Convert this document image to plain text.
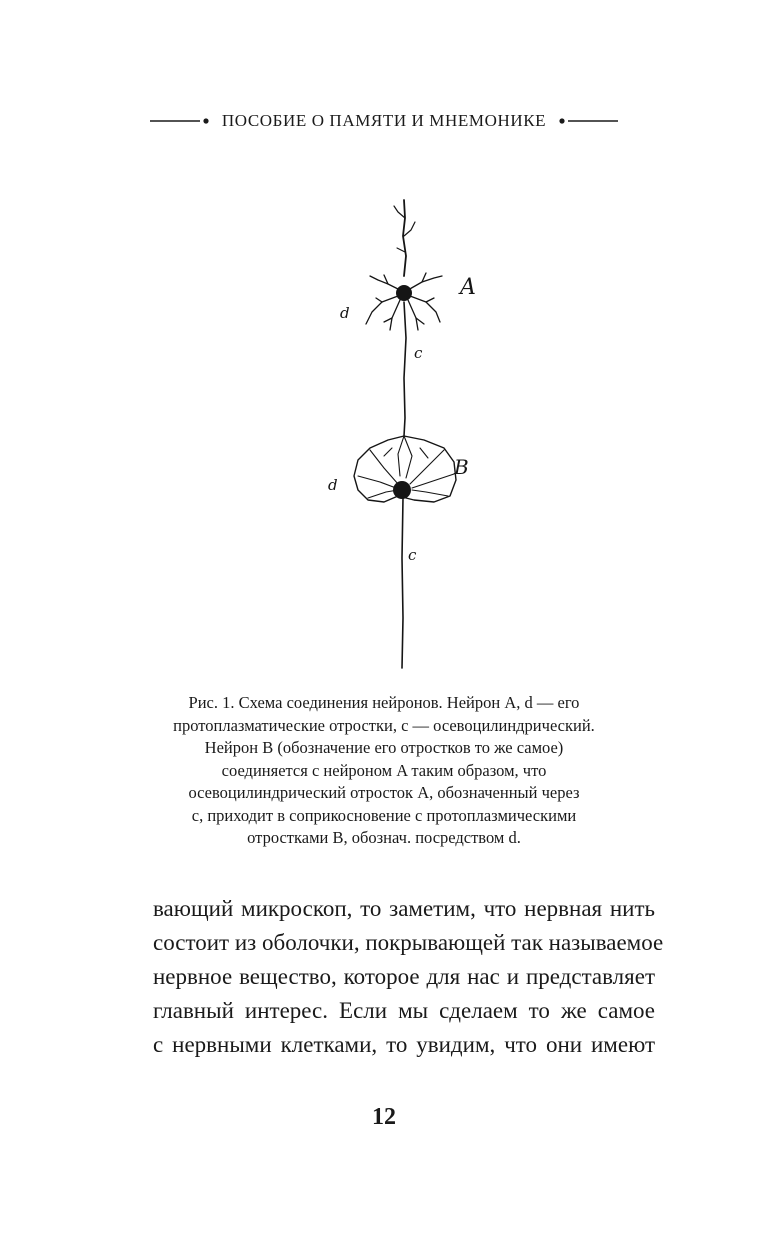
ПОСОБИЕ О ПАМЯТИ И МНЕМОНИКЕ
A
d
c
B
d
c
Рис. 1. Схема соединения нейронов. Нейрон A, d — его
протоплазматические отростки, c — осевоцилиндрический.
Нейрон B (обозначение его отростков то же самое)
соединяется с нейроном A таким образом, что
осевоцилиндрический отросток A, обозначенный через
c, приходит в соприкосновение с протоплазмическими
отростками B, обознач. посредством d.
вающий микроскоп, то заметим, что нервная нить
состоит из оболочки, покрывающей так называемое
нервное вещество, которое для нас и представляет
главный интерес. Если мы сделаем то же самое
с нервными клетками, то увидим, что они имеют
12
